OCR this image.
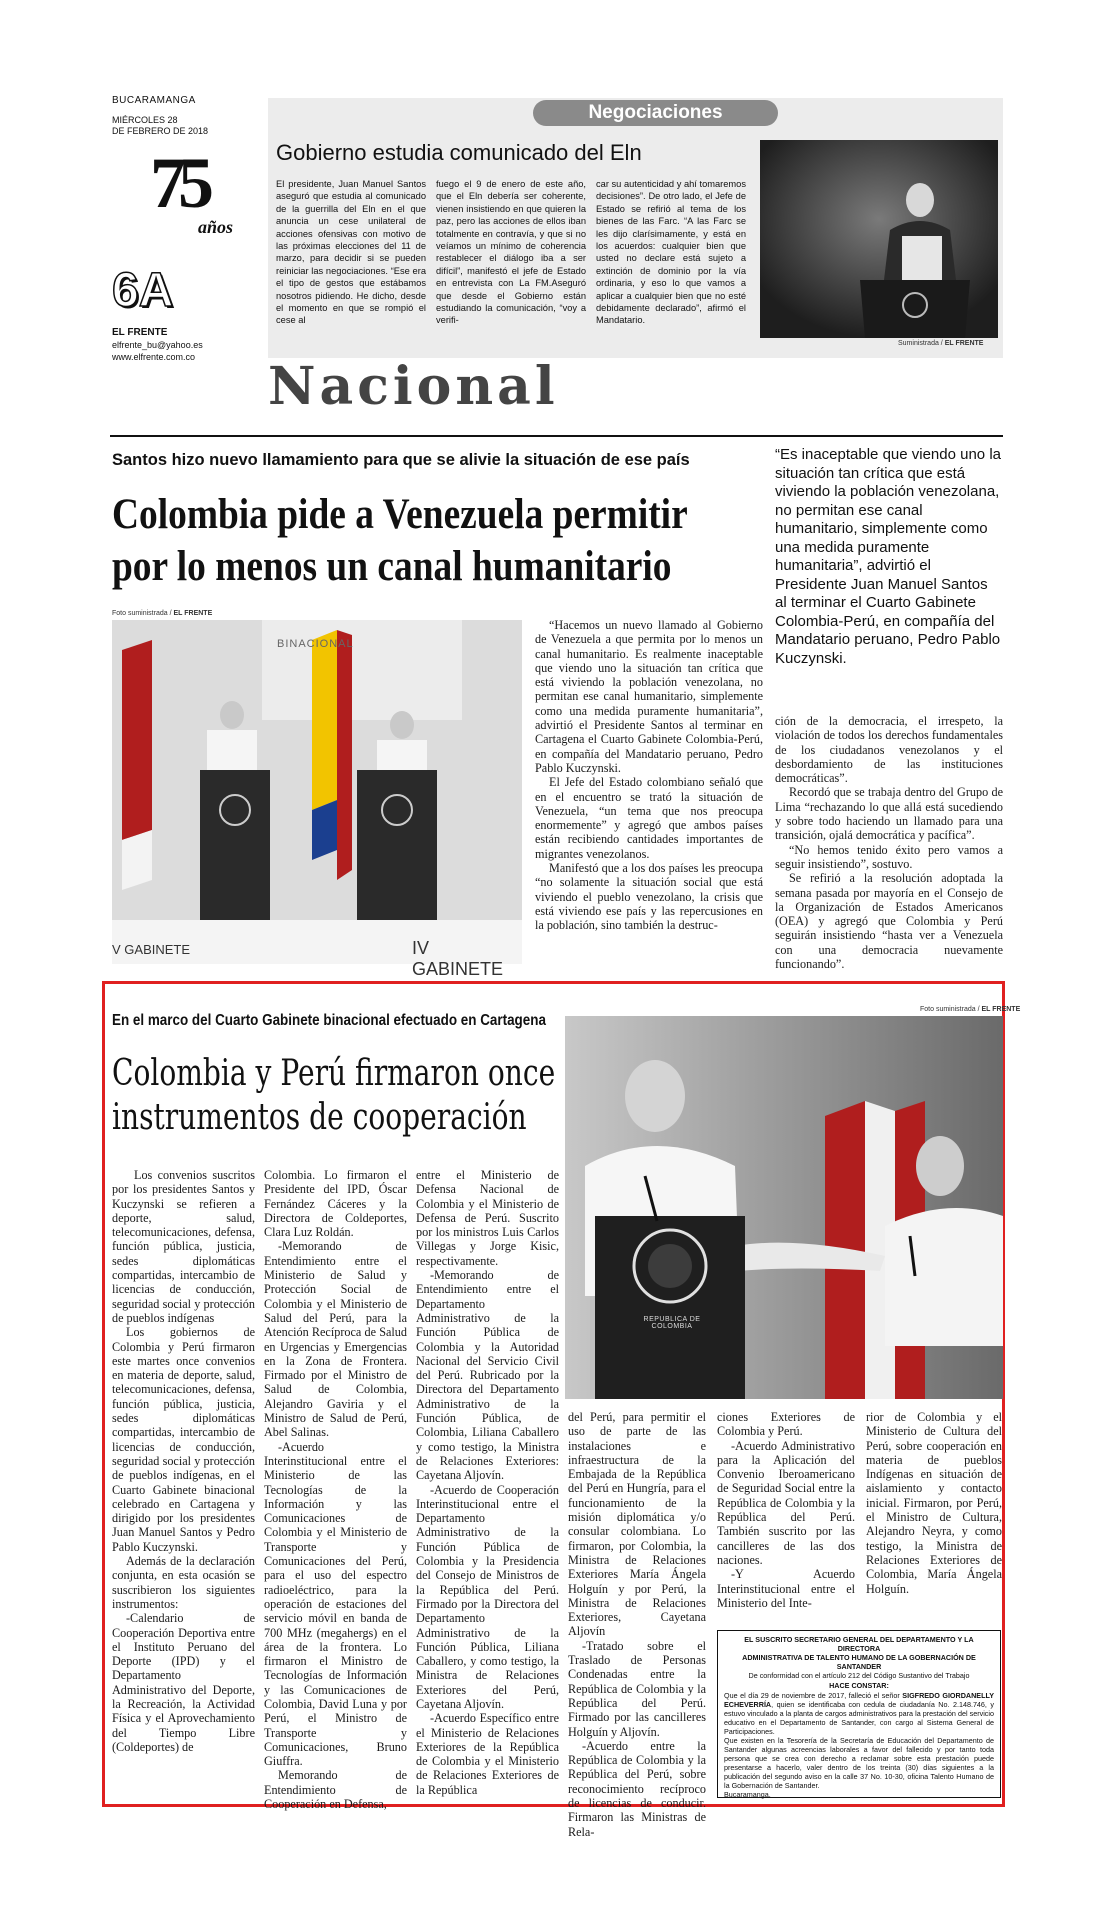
BUCARAMANGA
MIÉRCOLES 28
DE FEBRERO DE 2018
75
años
6A
EL FRENTE
elfrente_bu@yahoo.es
www.elfrente.com.co
Negociaciones
Gobierno estudia comunicado del Eln
El presidente, Juan Manuel Santos aseguró que estudia al comunicado de la guerrilla del Eln en el que anuncia un cese unilateral de acciones ofensivas con motivo de las próximas elecciones del 11 de marzo, para decidir si se pueden reiniciar las negociaciones. “Ese era el tipo de gestos que estábamos nosotros pidiendo. He dicho, desde el momento en que se rompió el cese al
fuego el 9 de enero de este año, que el Eln debería ser coherente, vienen insistiendo en que quieren la paz, pero las acciones de ellos iban totalmente en contravía, y que si no veíamos un mínimo de coherencia restablecer el diálogo iba a ser difícil”, manifestó el jefe de Estado en entrevista con La FM.Aseguró que desde el Gobierno están estudiando la comunicación, “voy a verifi-
car su autenticidad y ahí tomaremos decisiones”. De otro lado, el Jefe de Estado se refirió al tema de los bienes de las Farc. “A las Farc se les dijo clarísimamente, y está en los acuerdos: cualquier bien que usted no declare está sujeto a extinción de dominio por la vía ordinaria, y eso lo que vamos a aplicar a cualquier bien que no esté debidamente declarado”, afirmó el Mandatario.
Suministrada / EL FRENTE
Nacional
Santos hizo nuevo llamamiento para que se alivie la situación de ese país
Colombia pide a Venezuela permitir
por lo menos un canal humanitario
“Es inaceptable que viendo uno la situación tan crítica que está viviendo la población venezolana, no permitan ese canal humanitario, simplemente como una medida puramente humanitaria”, advirtió el Presidente Juan Manuel Santos al terminar el Cuarto Gabinete Colombia-Perú, en compañía del Mandatario peruano, Pedro Pablo Kuczynski.
Foto suministrada / EL FRENTE
BINACIONAL
V GABINETE	IV GABINETE

“Hacemos un nuevo llamado al Gobierno de Venezuela a que permita por lo menos un canal humanitario. Es realmente inaceptable que viendo uno la situación tan crítica que está viviendo la población venezolana, no permitan ese canal humanitario, simplemente como una medida puramente humanitaria”, advirtió el Presidente Santos al terminar en Cartagena el Cuarto Gabinete Colombia-Perú, en compañía del Mandatario peruano, Pedro Pablo Kuczynski.

El Jefe del Estado colombiano señaló que en el encuentro se trató la situación de Venezuela, “un tema que nos preocupa enormemente” y agregó que ambos países están recibiendo cantidades importantes de migrantes venezolanos.

Manifestó que a los dos países les preocupa “no solamente la situación social que está viviendo el pueblo venezolano, la crisis que está viviendo ese país y las repercusiones en la población, sino también la destruc-

ción de la democracia, el irrespeto, la violación de todos los derechos fundamentales de los ciudadanos venezolanos y el desbordamiento de las instituciones democráticas”.

Recordó que se trabaja dentro del Grupo de Lima “rechazando lo que allá está sucediendo y sobre todo haciendo un llamado para una transición, ojalá democrática y pacífica”.

“No hemos tenido éxito pero vamos a seguir insistiendo”, sostuvo.

Se refirió a la resolución adoptada la semana pasada por mayoría en el Consejo de la Organización de Estados Americanos (OEA) y agregó que Colombia y Perú seguirán insistiendo “hasta ver a Venezuela con una democracia nuevamente funcionando”.

En el marco del Cuarto Gabinete binacional efectuado en Cartagena
Colombia y Perú firmaron once
instrumentos de cooperación
Foto suministrada / EL FRENTE
REPUBLICA DE COLOMBIA

Los convenios suscritos por los presidentes Santos y Kuczynski se refieren a deporte, salud, telecomunicaciones, defensa, función pública, justicia, sedes diplomáticas compartidas, intercambio de licencias de conducción, seguridad social y protección de pueblos indígenas

Los gobiernos de Colombia y Perú firmaron este martes once convenios en materia de deporte, salud, telecomunicaciones, defensa, función pública, justicia, sedes diplomáticas compartidas, intercambio de licencias de conducción, seguridad social y protección de pueblos indígenas, en el Cuarto Gabinete binacional celebrado en Cartagena y dirigido por los presidentes Juan Manuel Santos y Pedro Pablo Kuczynski.

Además de la declaración conjunta, en esta ocasión se suscribieron los siguientes instrumentos:

-Calendario de Cooperación Deportiva entre el Instituto Peruano del Deporte (IPD) y el Departamento Administrativo del Deporte, la Recreación, la Actividad Física y el Aprovechamiento del Tiempo Libre (Coldeportes) de

Colombia. Lo firmaron el Presidente del IPD, Óscar Fernández Cáceres y la Directora de Coldeportes, Clara Luz Roldán.

-Memorando de Entendimiento entre el Ministerio de Salud y Protección Social de Colombia y el Ministerio de Salud del Perú, para la Atención Recíproca de Salud en Urgencias y Emergencias en la Zona de Frontera. Firmado por el Ministro de Salud de Colombia, Alejandro Gaviria y el Ministro de Salud de Perú, Abel Salinas.

-Acuerdo Interinstitucional entre el Ministerio de las Tecnologías de la Información y las Comunicaciones de Colombia y el Ministerio de Transporte y Comunicaciones del Perú, para el uso del espectro radioeléctrico, para la operación de estaciones del servicio móvil en banda de 700 MHz (megahergs) en el área de la frontera. Lo firmaron el Ministro de Tecnologías de Información y las Comunicaciones de Colombia, David Luna y por Perú, el Ministro de Transporte y Comunicaciones, Bruno Giuffra.

Memorando de Entendimiento de Cooperación en Defensa,

entre el Ministerio de Defensa Nacional de Colombia y el Ministerio de Defensa de Perú. Suscrito por los ministros Luis Carlos Villegas y Jorge Kisic, respectivamente.

-Memorando de Entendimiento entre el Departamento Administrativo de la Función Pública de Colombia y la Autoridad Nacional del Servicio Civil del Perú. Rubricado por la Directora del Departamento Administrativo de la Función Pública, de Colombia, Liliana Caballero y como testigo, la Ministra de Relaciones Exteriores: Cayetana Aljovín.

-Acuerdo de Cooperación Interinstitucional entre el Departamento Administrativo de la Función Pública de Colombia y la Presidencia del Consejo de Ministros de la República del Perú. Firmado por la Directora del Departamento Administrativo de la Función Pública, Liliana Caballero, y como testigo, la Ministra de Relaciones Exteriores del Perú, Cayetana Aljovín.

-Acuerdo Específico entre el Ministerio de Relaciones Exteriores de la República de Colombia y el Ministerio de Relaciones Exteriores de la República

del Perú, para permitir el uso de parte de las instalaciones e infraestructura de la Embajada de la República del Perú en Hungría, para el funcionamiento de la misión diplomática y/o consular colombiana. Lo firmaron, por Colombia, la Ministra de Relaciones Exteriores María Ángela Holguín y por Perú, la Ministra de Relaciones Exteriores, Cayetana Aljovín

-Tratado sobre el Traslado de Personas Condenadas entre la República de Colombia y la República del Perú. Firmado por las cancilleres Holguín y Aljovín.

-Acuerdo entre la República de Colombia y la República del Perú, sobre reconocimiento recíproco de licencias de conducir. Firmaron las Ministras de Rela-

ciones Exteriores de Colombia y Perú.

-Acuerdo Administrativo para la Aplicación del Convenio Iberoamericano de Seguridad Social entre la República de Colombia y la República del Perú. También suscrito por las cancilleres de las dos naciones.

-Y Acuerdo Interinstitucional entre el Ministerio del Inte-

rior de Colombia y el Ministerio de Cultura del Perú, sobre cooperación en materia de pueblos Indígenas en situación de aislamiento y contacto inicial. Firmaron, por Perú, el Ministro de Cultura, Alejandro Neyra, y como testigo, la Ministra de Relaciones Exteriores de Colombia, María Ángela Holguín.

EL SUSCRITO SECRETARIO GENERAL DEL DEPARTAMENTO Y LA DIRECTORA

ADMINISTRATIVA DE TALENTO HUMANO DE LA GOBERNACIÓN DE SANTANDER

De conformidad con el artículo 212 del Código Sustantivo del Trabajo

HACE CONSTAR:

Que el día 29 de noviembre de 2017, falleció el señor SIGFREDO GIORDANELLY ECHEVERRÍA, quien se identificaba con cedula de ciudadanía No. 2.148.746, y estuvo vinculado a la planta de cargos administrativos para la prestación del servicio educativo en el Departamento de Santander, con cargo al Sistema General de Participaciones.

Que existen en la Tesorería de la Secretaría de Educación del Departamento de Santander algunas acreencias laborales a favor del fallecido y por tanto toda persona que se crea con derecho a reclamar sobre esta prestación puede presentarse a hacerlo, valer dentro de los treinta (30) días siguientes a la publicación del segundo aviso en la calle 37 No. 10-30, oficina Talento Humano de la Gobernación de Santander.

Bucaramanga,
